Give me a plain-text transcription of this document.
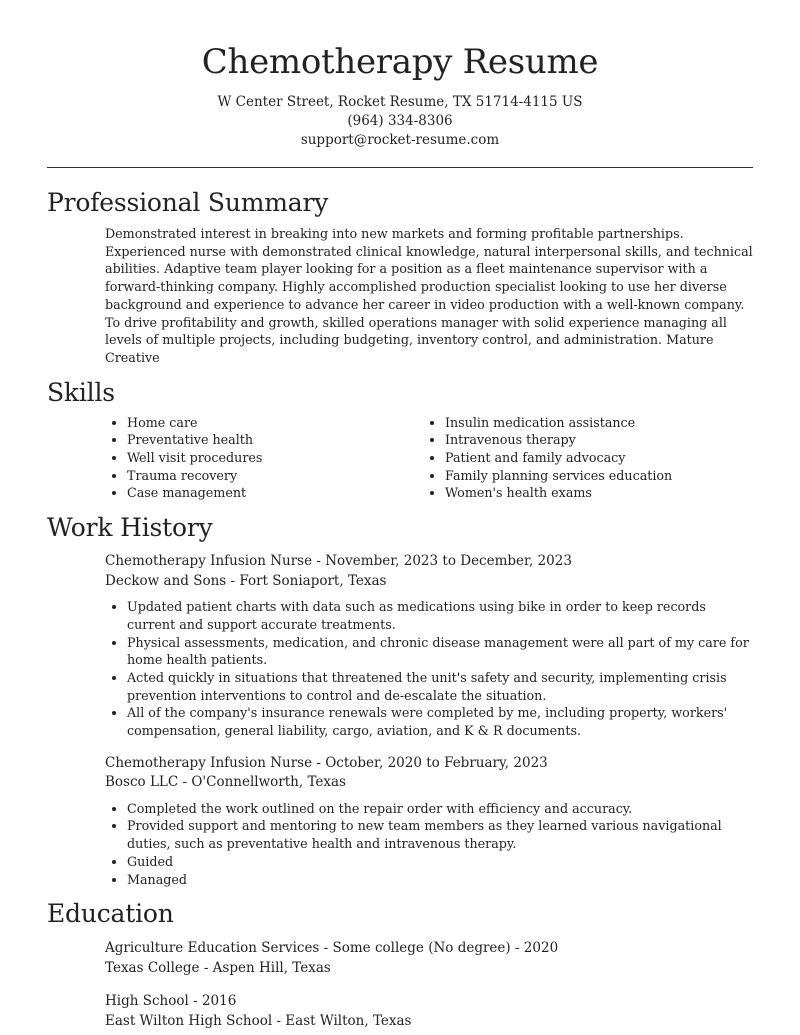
Chemotherapy Resume
W Center Street, Rocket Resume, TX 51714-4115 US
(964) 334-8306
support@rocket-resume.com
Professional Summary

Demonstrated interest in breaking into new markets and forming profitable partnerships. Experienced nurse with demonstrated clinical knowledge, natural interpersonal skills, and technical abilities. Adaptive team player looking for a position as a fleet maintenance supervisor with a forward-thinking company. Highly accomplished production specialist looking to use her diverse background and experience to advance her career in video production with a well-known company. To drive profitability and growth, skilled operations manager with solid experience managing all levels of multiple projects, including budgeting, inventory control, and administration. Mature Creative

Skills
• Home care
• Preventative health
• Well visit procedures
• Trauma recovery
• Case management
• Insulin medication assistance
• Intravenous therapy
• Patient and family advocacy
• Family planning services education
• Women's health exams
Work History
Chemotherapy Infusion Nurse - November, 2023 to December, 2023
Deckow and Sons - Fort Soniaport, Texas
• Updated patient charts with data such as medications using bike in order to keep records current and support accurate treatments.
• Physical assessments, medication, and chronic disease management were all part of my care for home health patients.
• Acted quickly in situations that threatened the unit's safety and security, implementing crisis prevention interventions to control and de-escalate the situation.
• All of the company's insurance renewals were completed by me, including property, workers' compensation, general liability, cargo, aviation, and K & R documents.
Chemotherapy Infusion Nurse - October, 2020 to February, 2023
Bosco LLC - O'Connellworth, Texas
• Completed the work outlined on the repair order with efficiency and accuracy.
• Provided support and mentoring to new team members as they learned various navigational duties, such as preventative health and intravenous therapy.
• Guided
• Managed
Education
Agriculture Education Services - Some college (No degree) - 2020
Texas College - Aspen Hill, Texas
High School - 2016
East Wilton High School - East Wilton, Texas
